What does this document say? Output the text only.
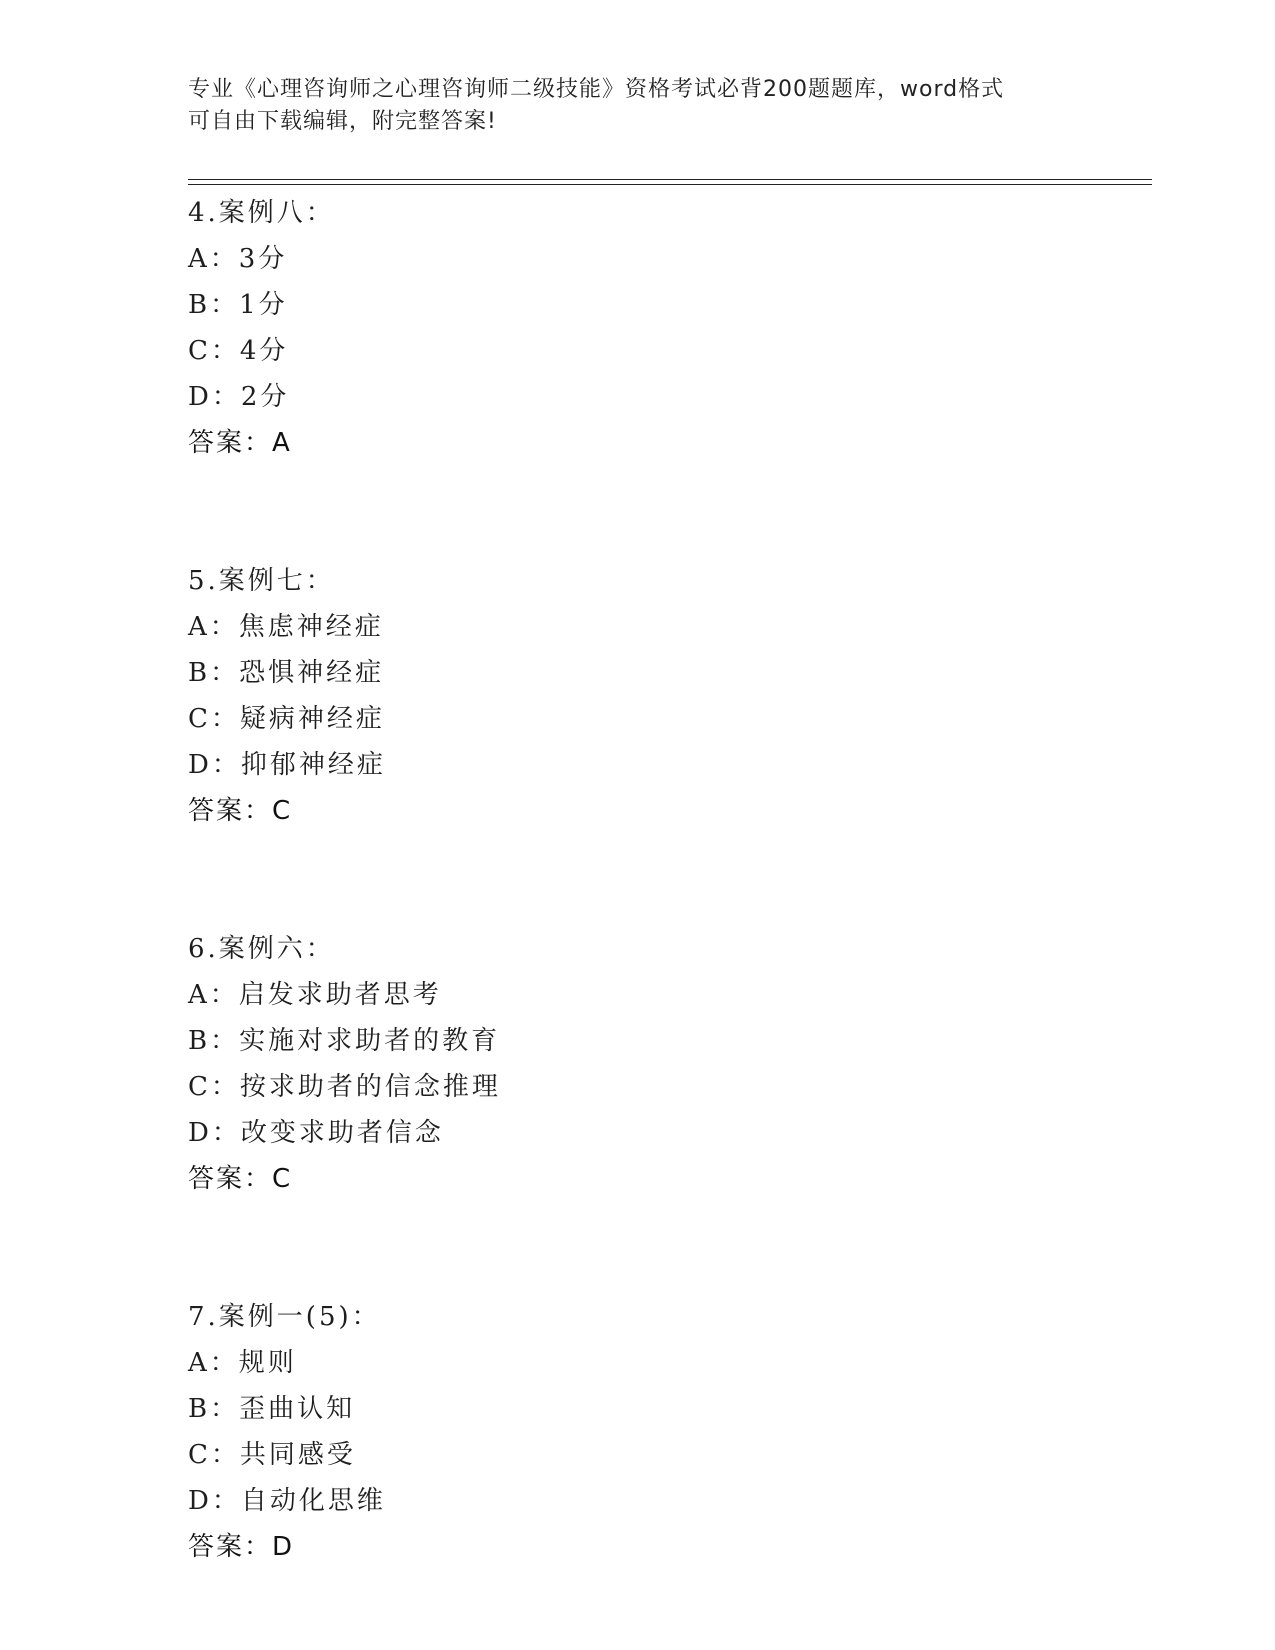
专业《心理咨询师之心理咨询师二级技能》资格考试必背200题题库，word格式
可自由下载编辑，附完整答案!
4.案例八：
A：3分
B：1分
C：4分
D：2分
答案：A
5.案例七：
A：焦虑神经症
B：恐惧神经症
C：疑病神经症
D：抑郁神经症
答案：C
6.案例六：
A：启发求助者思考
B：实施对求助者的教育
C：按求助者的信念推理
D：改变求助者信念
答案：C
7.案例一(5)：
A：规则
B：歪曲认知
C：共同感受
D：自动化思维
答案：D
